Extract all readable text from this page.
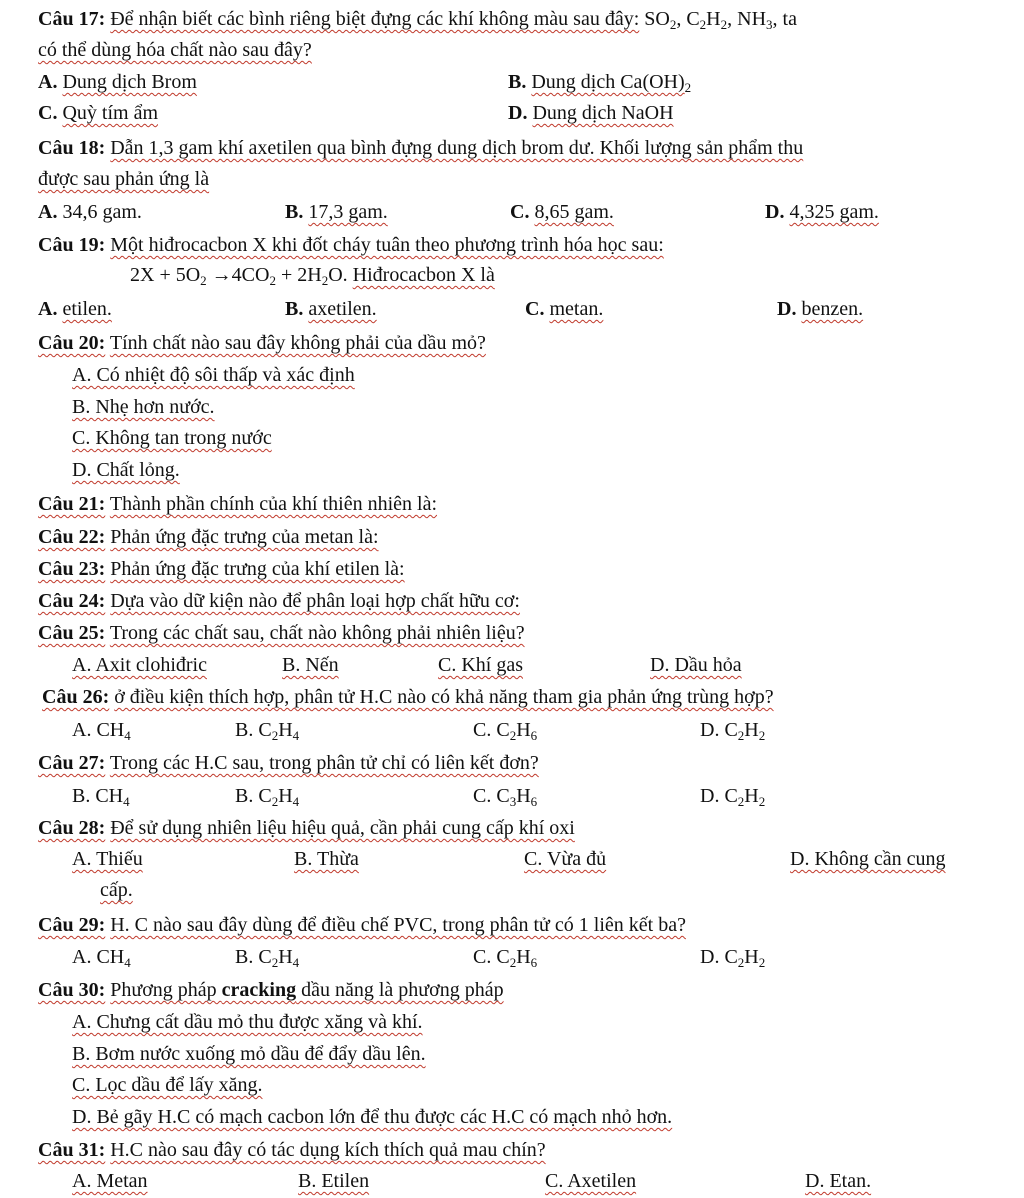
Câu 17: Để nhận biết các bình riêng biệt đựng các khí không màu sau đây: $SO_2$, $C_2H_2$, $NH_3$, ta
có thể dùng hóa chất nào sau đây?
A. Dung dịch Brom	B. Dung dịch $Ca(OH)_2$
C. Quỳ tím ẩm	D. Dung dịch NaOH
Câu 18: Dẫn 1,3 gam khí axetilen qua bình đựng dung dịch brom dư. Khối lượng sản phẩm thu
được sau phản ứng là
A. 34,6 gam.	B. 17,3 gam.	C. 8,65 gam.	D. 4,325 gam.
Câu 19: Một hiđrocacbon X khi đốt cháy tuân theo phương trình hóa học sau:
$2X + 5O_2 \to 4CO_2 + 2H_2O$. Hiđrocacbon X là
A. etilen.	B. axetilen.	C. metan.	D. benzen.
Câu 20: Tính chất nào sau đây không phải của dầu mỏ?
A. Có nhiệt độ sôi thấp và xác định
B. Nhẹ hơn nước.
C. Không tan trong nước
D. Chất lỏng.
Câu 21: Thành phần chính của khí thiên nhiên là:
Câu 22: Phản ứng đặc trưng của metan là:
Câu 23: Phản ứng đặc trưng của khí etilen là:
Câu 24: Dựa vào dữ kiện nào để phân loại hợp chất hữu cơ:
Câu 25: Trong các chất sau, chất nào không phải nhiên liệu?
A. Axit clohiđric	B. Nến	C. Khí gas	D. Dầu hỏa
Câu 26: ở điều kiện thích hợp, phân tử H.C nào có khả năng tham gia phản ứng trùng hợp?
A. $CH_4$	B. $C_2H_4$	C. $C_2H_6$	D. $C_2H_2$
Câu 27: Trong các H.C sau, trong phân tử chỉ có liên kết đơn?
B. $CH_4$	B. $C_2H_4$	C. $C_3H_6$	D. $C_2H_2$
Câu 28: Để sử dụng nhiên liệu hiệu quả, cần phải cung cấp khí oxi
A. Thiếu	B. Thừa	C. Vừa đủ	D. Không cần cung
cấp.
Câu 29: H. C nào sau đây dùng để điều chế PVC, trong phân tử có 1 liên kết ba?
A. $CH_4$	B. $C_2H_4$	C. $C_2H_6$	D. $C_2H_2$
Câu 30: Phương pháp cracking dầu năng là phương pháp
A. Chưng cất dầu mỏ thu được xăng và khí.
B. Bơm nước xuống mỏ dầu để đẩy dầu lên.
C. Lọc dầu để lấy xăng.
D. Bẻ gãy H.C có mạch cacbon lớn để thu được các H.C có mạch nhỏ hơn.
Câu 31: H.C nào sau đây có tác dụng kích thích quả mau chín?
A. Metan	B. Etilen	C. Axetilen	D. Etan.
